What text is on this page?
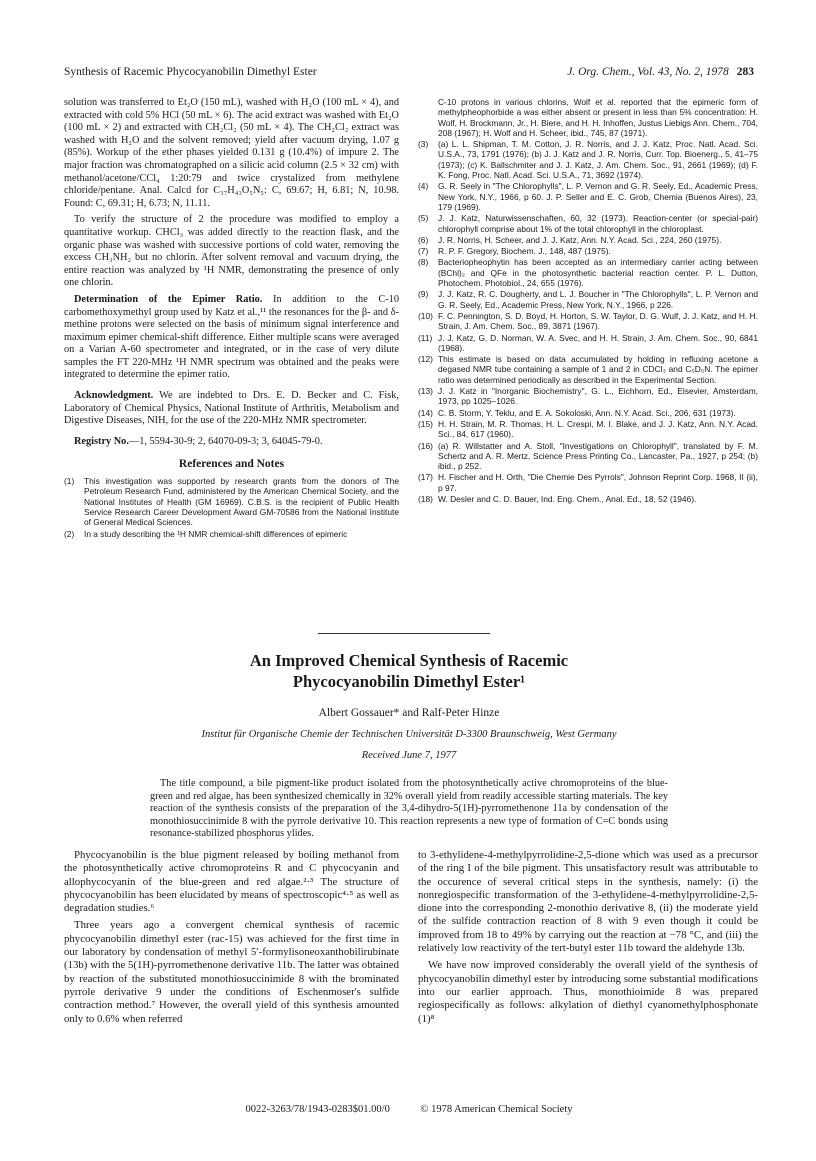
Synthesis of Racemic Phycocyanobilin Dimethyl Ester	J. Org. Chem., Vol. 43, No. 2, 1978 283

solution was transferred to Et₂O (150 mL), washed with H₂O (100 mL × 4), and extracted with cold 5% HCl (50 mL × 6). The acid extract was washed with Et₂O (100 mL × 2) and extracted with CH₂Cl₂ (50 mL × 4). The CH₂Cl₂ extract was washed with H₂O and the solvent removed; yield after vacuum drying, 1.07 g (85%). Workup of the ether phases yielded 0.131 g (10.4%) of impure 2. The major fraction was chromatographed on a silicic acid column (2.5 × 32 cm) with methanol/acetone/CCl₄ 1:20:79 and twice crystalized from methylene chloride/pentane. Anal. Calcd for C₃₇H₄₃O₅N₅: C, 69.67; H, 6.81; N, 10.98. Found: C, 69.31; H, 6.73; N, 11.11.

To verify the structure of 2 the procedure was modified to employ a quantitative workup. CHCl₃ was added directly to the reaction flask, and the organic phase was washed with successive portions of cold water, removing the excess CH₃NH₂ but no chlorin. After solvent removal and vacuum drying, the entire reaction was analyzed by ¹H NMR, demonstrating the presence of only one chlorin.

Determination of the Epimer Ratio. In addition to the C-10 carbomethoxymethyl group used by Katz et al.,¹¹ the resonances for the β- and δ-methine protons were selected on the basis of minimum signal interference and maximum epimer chemical-shift difference. Either multiple scans were averaged on a Varian A-60 spectrometer and integrated, or in the case of very dilute samples the FT 220-MHz ¹H NMR spectrum was obtained and the peaks were integrated to determine the epimer ratio.

Acknowledgment. We are indebted to Drs. E. D. Becker and C. Fisk, Laboratory of Chemical Physics, National Institute of Arthritis, Metabolism and Digestive Diseases, NIH, for the use of the 220-MHz NMR spectrometer.

Registry No.—1, 5594-30-9; 2, 64070-09-3; 3, 64045-79-0.

References and Notes
(1)	This investigation was supported by research grants from the donors of The Petroleum Research Fund, administered by the American Chemical Society, and the National Institutes of Health (GM 16969). C.B.S. is the recipient of Public Health Service Research Career Development Award GM-70586 from the National Institute of General Medical Sciences.
(2)	In a study describing the ¹H NMR chemical-shift differences of epimeric
C-10 protons in various chlorins, Wolf et al. reported that the epimeric form of methylpheophorbide a was either absent or present in less than 5% concentration: H. Wolf, H. Brockmann, Jr., H. Biere, and H. H. Inhoffen, Justus Liebigs Ann. Chem., 704, 208 (1967); H. Wolf and H. Scheer, ibid., 745, 87 (1971).
(3)	(a) L. L. Shipman, T. M. Cotton, J. R. Norris, and J. J. Katz, Proc. Natl. Acad. Sci. U.S.A., 73, 1791 (1976); (b) J. J. Katz and J. R. Norris, Curr. Top. Bioenerg., 5, 41–75 (1973); (c) K. Ballschmiter and J. J. Katz, J. Am. Chem. Soc., 91, 2661 (1969); (d) F. K. Fong, Proc. Natl. Acad. Sci. U.S.A., 71, 3692 (1974).
(4)	G. R. Seely in "The Chlorophylls", L. P. Vernon and G. R. Seely, Ed., Academic Press, New York, N.Y., 1966, p 60. J. P. Seller and E. C. Grob, Chemia (Buenos Aires), 23, 179 (1969).
(5)	J. J. Katz, Naturwissenschaften, 60, 32 (1973). Reaction-center (or special-pair) chlorophyll comprise about 1% of the total chlorophyll in the chloroplast.
(6)	J. R. Norris, H. Scheer, and J. J. Katz, Ann. N.Y. Acad. Sci., 224, 260 (1975).
(7)	R. P. F. Gregory, Biochem. J., 148, 487 (1975).
(8)	Bacteriopheophytin has been accepted as an intermediary carrier acting between (BChl)₂ and QFe in the photosynthetic bacterial reaction center. P. L. Dutton, Photochem. Photobiol., 24, 655 (1976).
(9)	J. J. Katz, R. C. Dougherty, and L. J. Boucher in "The Chlorophylls", L. P. Vernon and G. R. Seely, Ed., Academic Press, New York, N.Y., 1966, p 226.
(10) F. C. Pennington, S. D. Boyd, H. Horton, S. W. Taylor, D. G. Wulf, J. J. Katz, and H. H. Strain, J. Am. Chem. Soc., 89, 3871 (1967).
(11) J. J. Katz, G. D. Norman, W. A. Svec, and H. H. Strain, J. Am. Chem. Soc., 90, 6841 (1968).
(12) This estimate is based on data accumulated by holding in refluxing acetone a degased NMR tube containing a sample of 1 and 2 in CDCl₃ and C₅D₅N. The epimer ratio was determined periodically as described in the Experimental Section.
(13) J. J. Katz in "Inorganic Biochemistry", G. L., Eichhorn, Ed., Elsevier, Amsterdam, 1973, pp 1025–1026.
(14) C. B. Storm, Y. Teklu, and E. A. Sokoloski, Ann. N.Y. Acad. Sci., 206, 631 (1973).
(15) H. H. Strain, M. R. Thomas, H. L. Crespi, M. I. Blake, and J. J. Katz, Ann. N.Y. Acad. Sci., 84, 617 (1960).
(16) (a) R. Willstatter and A. Stoll, "Investigations on Chlorophyll", translated by F. M. Schertz and A. R. Mertz, Science Press Printing Co., Lancaster, Pa., 1927, p 254; (b) ibid., p 252.
(17) H. Fischer and H. Orth, "Die Chemie Des Pyrrols", Johnson Reprint Corp. 1968, II (ii), p 97.
(18) W. Desler and C. D. Bauer, Ind. Eng. Chem., Anal. Ed., 18, 52 (1946).
An Improved Chemical Synthesis of Racemic
Phycocyanobilin Dimethyl Ester¹
Albert Gossauer* and Ralf-Peter Hinze
Institut für Organische Chemie der Technischen Universität D-3300 Braunschweig, West Germany
Received June 7, 1977
The title compound, a bile pigment-like product isolated from the photosynthetically active chromoproteins of the blue-green and red algae, has been synthesized chemically in 32% overall yield from readily accessible starting materials. The key reaction of the synthesis consists of the preparation of the 3,4-dihydro-5(1H)-pyrromethenone 11a by condensation of the monothiosuccinimide 8 with the pyrrole derivative 10. This reaction represents a new type of formation of C=C bonds using resonance-stabilized phosphorus ylides.

Phycocyanobilin is the blue pigment released by boiling methanol from the photosynthetically active chromoproteins R and C phycocyanin and allophycocyanin of the blue-green and red algae.²·³ The structure of phycocyanobilin has been elucidated by means of spectroscopic⁴·⁵ as well as degradation studies.⁶

Three years ago a convergent chemical synthesis of racemic phycocyanobilin dimethyl ester (rac-15) was achieved for the first time in our laboratory by condensation of methyl 5′-formylisoneoxanthobilirubinate (13b) with the 5(1H)-pyrromethenone derivative 11b. The latter was obtained by reaction of the substituted monothiosuccinimide 8 with the brominated pyrrole derivative 9 under the conditions of Eschenmoser's sulfide contraction method.⁷ However, the overall yield of this synthesis amounted only to 0.6% when referred

to 3-ethylidene-4-methylpyrrolidine-2,5-dione which was used as a precursor of the ring I of the bile pigment. This unsatisfactory result was attributable to the occurence of several critical steps in the synthesis, namely: (i) the nonregiospecific transformation of the 3-ethylidene-4-methylpyrrolidine-2,5-dione into the corresponding 2-monothio derivative 8, (ii) the moderate yield of the sulfide contraction reaction of 8 with 9 even though it could be improved from 18 to 49% by carrying out the reaction at −78 °C, and (iii) the relatively low reactivity of the tert-butyl ester 11b toward the aldehyde 13b.

We have now improved considerably the overall yield of the synthesis of phycocyanobilin dimethyl ester by introducing some substantial modifications into our earlier approach. Thus, monothioimide 8 was prepared regiospecifically as follows: alkylation of diethyl cyanomethylphosphonate (1)⁸

0022-3263/78/1943-0283$01.00/0	© 1978 American Chemical Society
